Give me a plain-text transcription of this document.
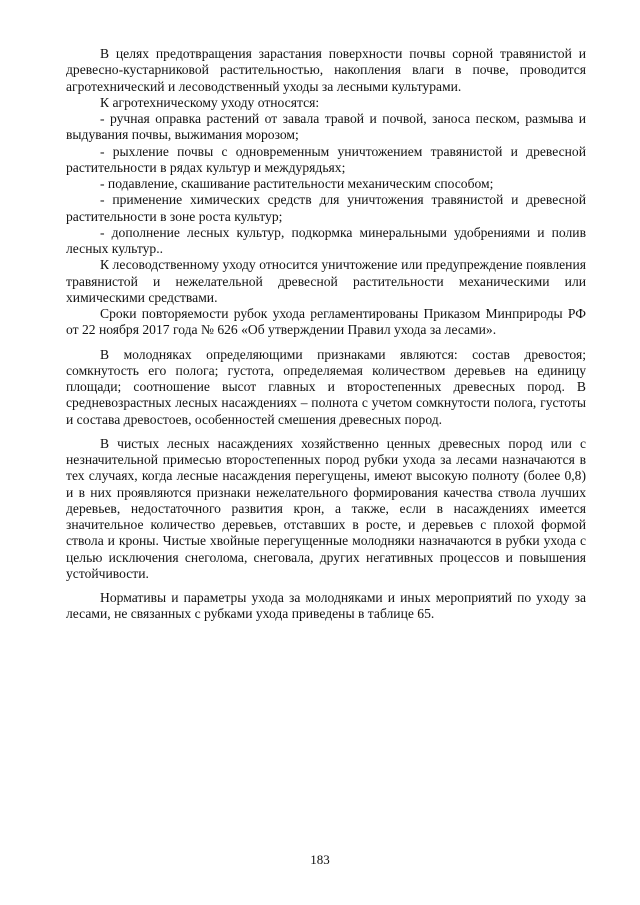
В целях предотвращения зарастания поверхности почвы сорной травянистой и древесно-кустарниковой растительностью, накопления влаги в почве, проводится агротехнический и лесоводственный уходы за лесными культурами.

К агротехническому уходу относятся:

- ручная оправка растений от завала травой и почвой, заноса песком, размыва и выдувания почвы, выжимания морозом;

- рыхление почвы с одновременным уничтожением травянистой и древесной растительности в рядах культур и междурядьях;

- подавление, скашивание растительности механическим способом;

- применение химических средств для уничтожения травянистой и древесной растительности в зоне роста культур;

- дополнение лесных культур, подкормка минеральными удобрениями и полив лесных культур..

К лесоводственному уходу относится уничтожение или предупреждение появления травянистой и нежелательной древесной растительности механическими или химическими средствами.

Сроки повторяемости рубок ухода регламентированы Приказом Минприроды РФ от 22 ноября 2017 года № 626 «Об утверждении Правил ухода за лесами».

В молодняках определяющими признаками являются: состав древостоя; сомкнутость его полога; густота, определяемая количеством деревьев на единицу площади; соотношение высот главных и второстепенных древесных пород. В средневозрастных лесных насаждениях – полнота с учетом сомкнутости полога, густоты и состава древостоев, особенностей смешения древесных пород.

В чистых лесных насаждениях хозяйственно ценных древесных пород или с незначительной примесью второстепенных пород рубки ухода за лесами назначаются в тех случаях, когда лесные насаждения перегущены, имеют высокую полноту (более 0,8) и в них проявляются признаки нежелательного формирования качества ствола лучших деревьев, недостаточного развития крон, а также, если в насаждениях имеется значительное количество деревьев, отставших в росте, и деревьев с плохой формой ствола и кроны. Чистые хвойные перегущенные молодняки назначаются в рубки ухода с целью исключения снеголома, снеговала, других негативных процессов и повышения устойчивости.

Нормативы и параметры ухода за молодняками и иных мероприятий по уходу за лесами, не связанных с рубками ухода приведены в таблице 65.

183
